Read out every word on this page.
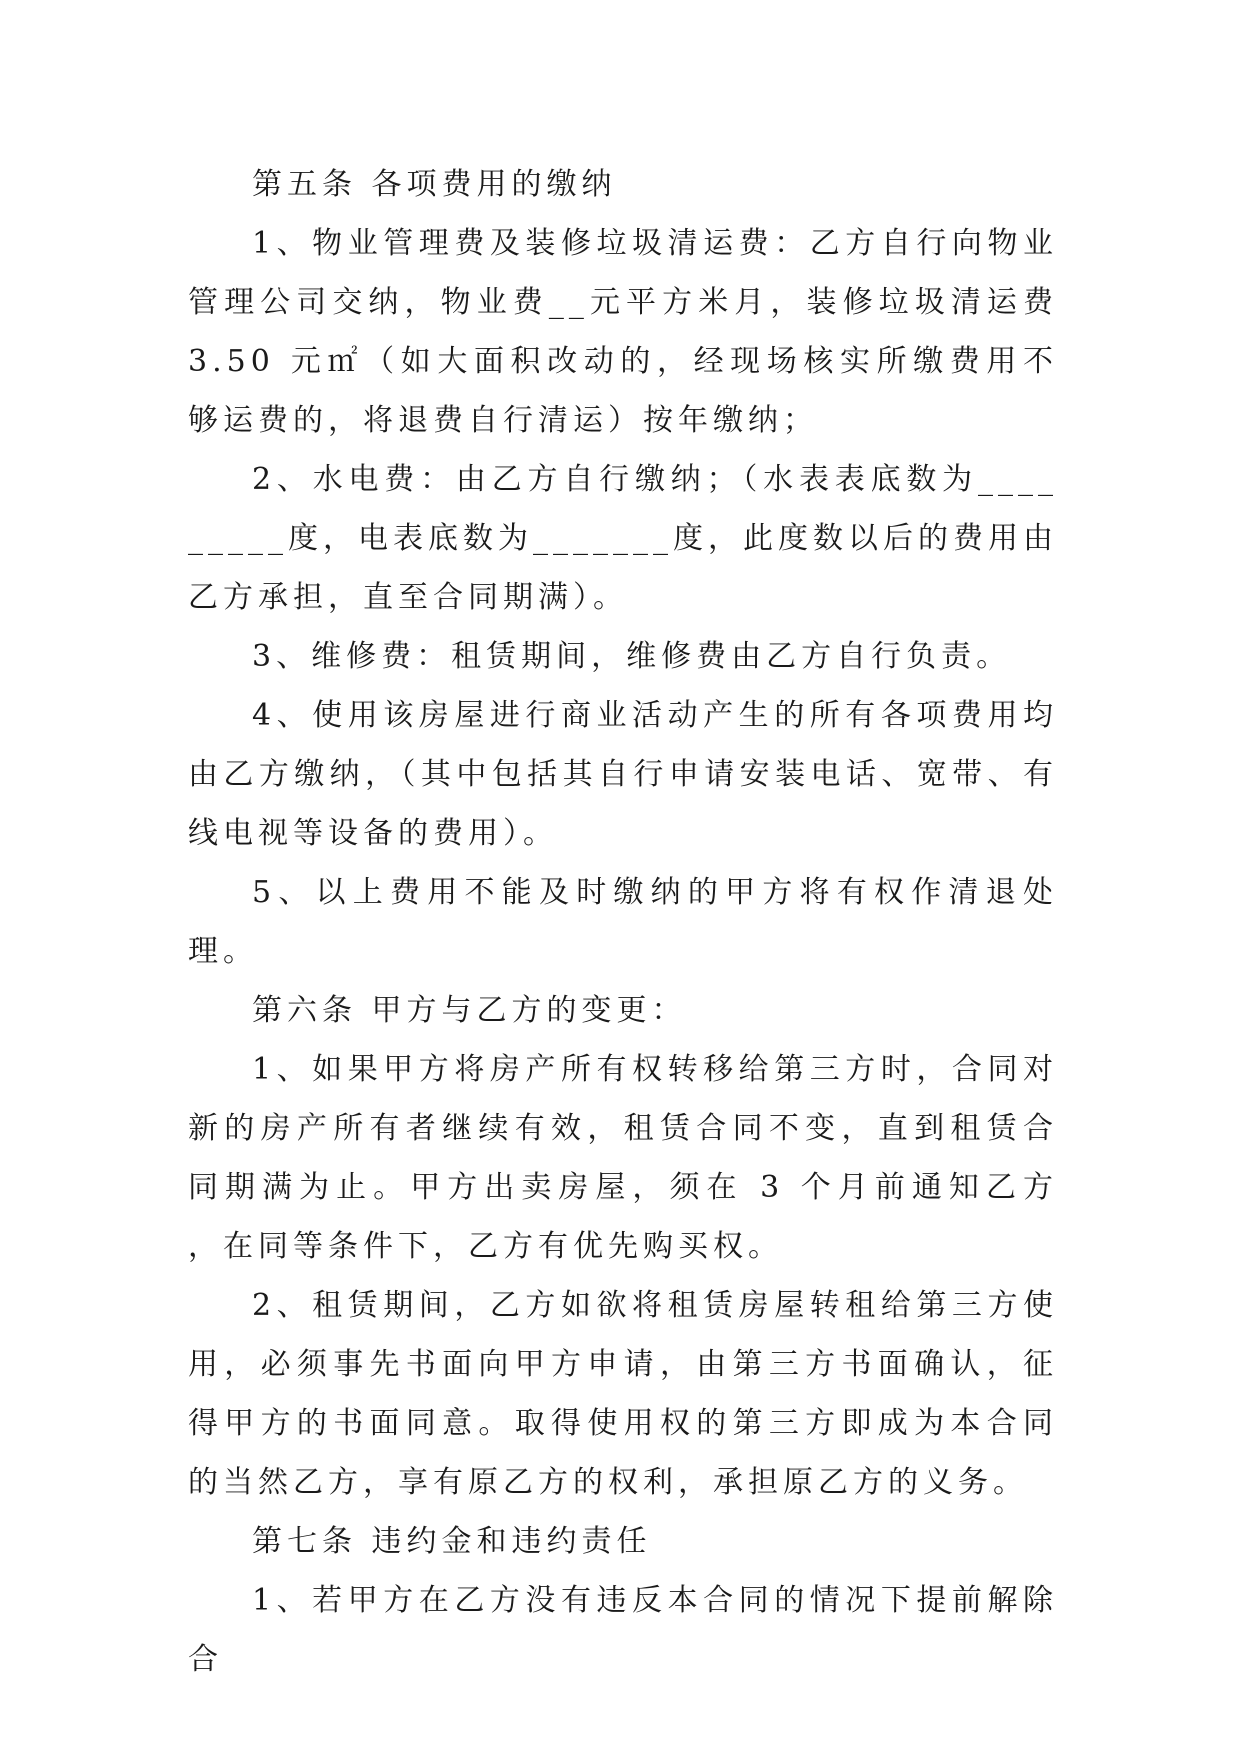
第五条 各项费用的缴纳

1、物业管理费及装修垃圾清运费：乙方自行向物业管理公司交纳，物业费__元平方米月，装修垃圾清运费 3.50 元㎡（如大面积改动的，经现场核实所缴费用不够运费的，将退费自行清运）按年缴纳；

2、水电费：由乙方自行缴纳；（水表表底数为_________度，电表底数为_______度，此度数以后的费用由乙方承担，直至合同期满）。

3、维修费：租赁期间，维修费由乙方自行负责。

4、使用该房屋进行商业活动产生的所有各项费用均由乙方缴纳，（其中包括其自行申请安装电话、宽带、有线电视等设备的费用）。

5、以上费用不能及时缴纳的甲方将有权作清退处理。

第六条 甲方与乙方的变更：

1、如果甲方将房产所有权转移给第三方时，合同对新的房产所有者继续有效，租赁合同不变，直到租赁合同期满为止。甲方出卖房屋，须在 3 个月前通知乙方 ，在同等条件下，乙方有优先购买权。

2、租赁期间，乙方如欲将租赁房屋转租给第三方使用，必须事先书面向甲方申请，由第三方书面确认，征得甲方的书面同意。取得使用权的第三方即成为本合同的当然乙方，享有原乙方的权利，承担原乙方的义务。

第七条 违约金和违约责任

1、若甲方在乙方没有违反本合同的情况下提前解除合
